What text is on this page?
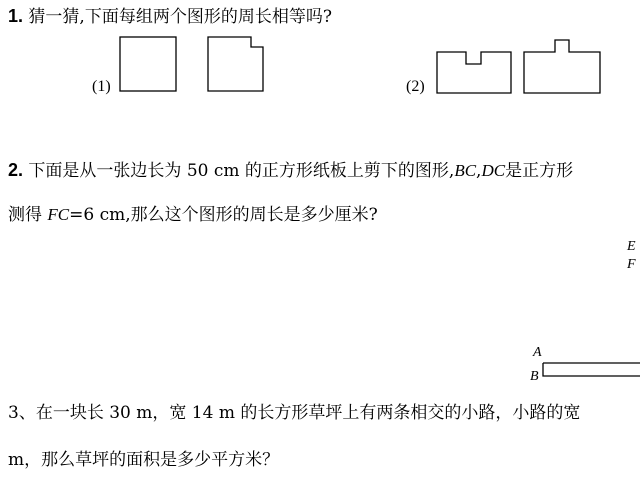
1. 猜一猜,下面每组两个图形的周长相等吗?
(1)	(2)
2. 下面是从一张边长为 50 cm 的正方形纸板上剪下的图形,BC,DC是正方形
测得 FC=6 cm,那么这个图形的周长是多少厘米?
E
F
A
B
3、在一块长 30 m，宽 14 m 的长方形草坪上有两条相交的小路，小路的宽
m，那么草坪的面积是多少平方米？
